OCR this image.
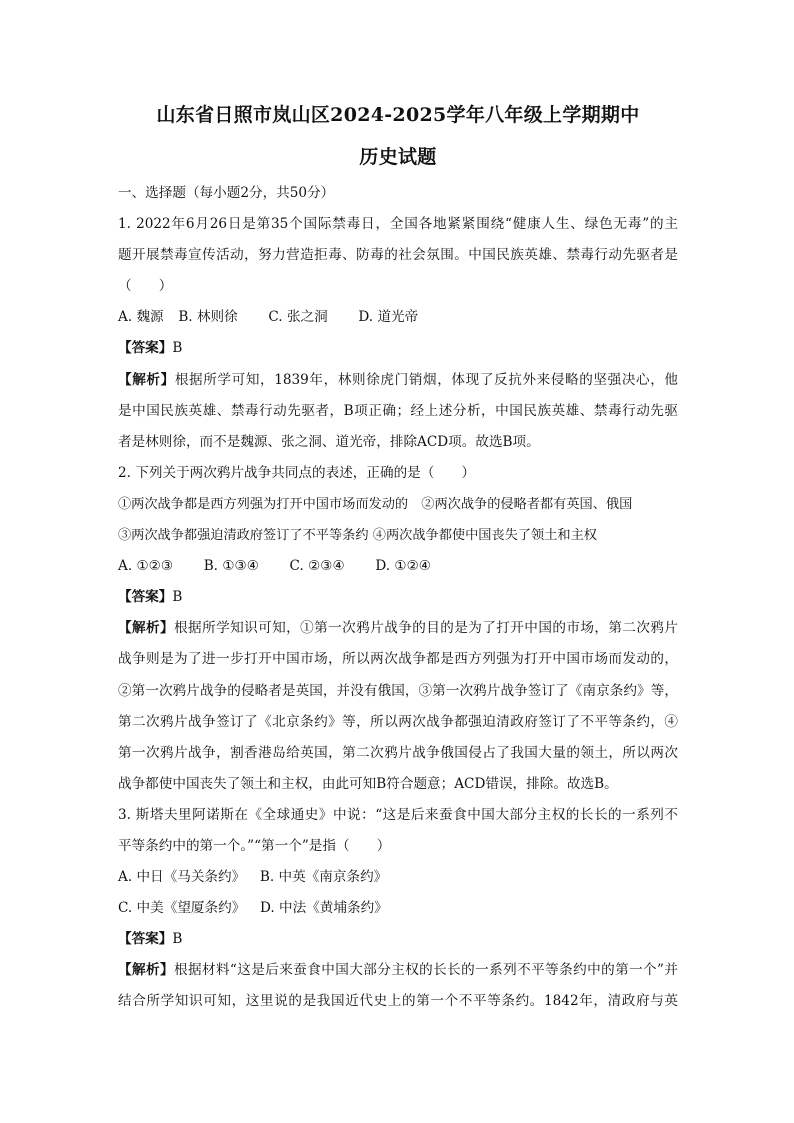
山东省日照市岚山区2024-2025学年八年级上学期期中
历史试题

一、选择题（每小题2分，共50分）

1. 2022年6月26日是第35个国际禁毒日，全国各地紧紧围绕“健康人生、绿色无毒”的主

题开展禁毒宣传活动，努力营造拒毒、防毒的社会氛围。中国民族英雄、禁毒行动先驱者是

（　　）

A. 魏源 B. 林则徐 C. 张之洞 D. 道光帝

【答案】B

【解析】根据所学可知，1839年，林则徐虎门销烟，体现了反抗外来侵略的坚强决心，他

是中国民族英雄、禁毒行动先驱者，B项正确；经上述分析，中国民族英雄、禁毒行动先驱

者是林则徐，而不是魏源、张之洞、道光帝，排除ACD项。故选B项。

2. 下列关于两次鸦片战争共同点的表述，正确的是（　　）

①两次战争都是西方列强为打开中国市场而发动的　②两次战争的侵略者都有英国、俄国

③两次战争都强迫清政府签订了不平等条约 ④两次战争都使中国丧失了领土和主权

A. ①②③ B. ①③④ C. ②③④ D. ①②④

【答案】B

【解析】根据所学知识可知，①第一次鸦片战争的目的是为了打开中国的市场，第二次鸦片

战争则是为了进一步打开中国市场，所以两次战争都是西方列强为打开中国市场而发动的，

②第一次鸦片战争的侵略者是英国，并没有俄国，③第一次鸦片战争签订了《南京条约》等，

第二次鸦片战争签订了《北京条约》等，所以两次战争都强迫清政府签订了不平等条约，④

第一次鸦片战争，割香港岛给英国，第二次鸦片战争俄国侵占了我国大量的领土，所以两次

战争都使中国丧失了领土和主权，由此可知B符合题意；ACD错误，排除。故选B。

3. 斯塔夫里阿诺斯在《全球通史》中说：“这是后来蚕食中国大部分主权的长长的一系列不

平等条约中的第一个。”“第一个”是指（　　）

A. 中日《马关条约》 B. 中英《南京条约》

C. 中美《望厦条约》 D. 中法《黄埔条约》

【答案】B

【解析】根据材料“这是后来蚕食中国大部分主权的长长的一系列不平等条约中的第一个”并

结合所学知识可知，这里说的是我国近代史上的第一个不平等条约。1842年，清政府与英
